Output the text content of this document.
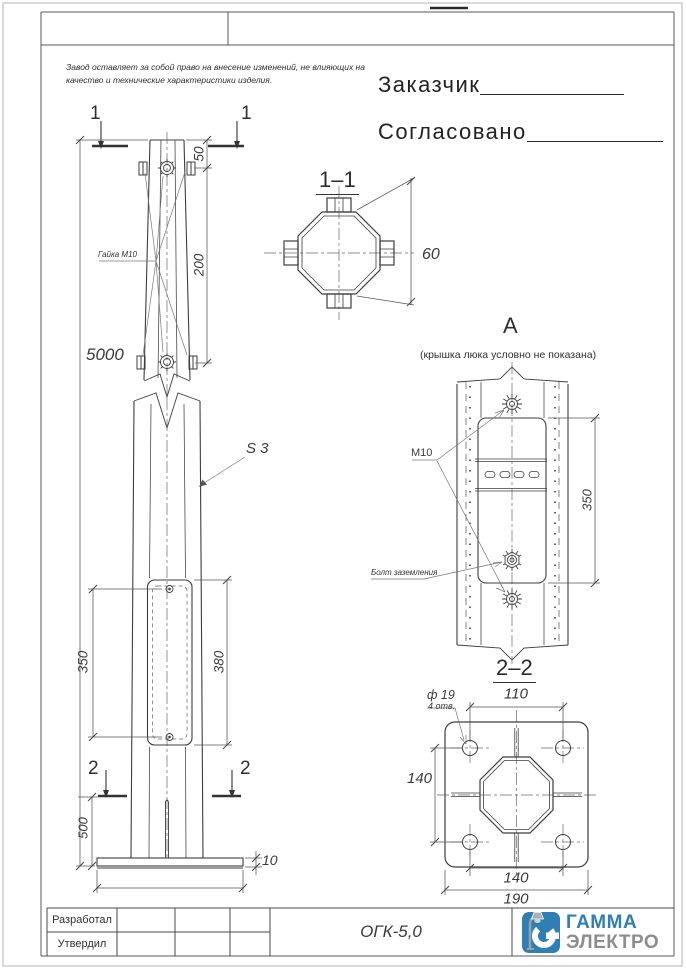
Завод оставляет за собой право на внесение изменений, не влияющих на
качество и технические характеристики изделия.	Заказчик
Согласовано
1	1
Гайка М10
50
200
5000
S 3
350	380
2	2
500
10
1–1
60
А
(крышка люка условно не показана)
М10
Болт заземления
350
2–2
110
ф 19
4 отв.
140
140
190
Разработал
Утвердил
ОГК-5,0	ГАММА
ЭЛЕКТРО
